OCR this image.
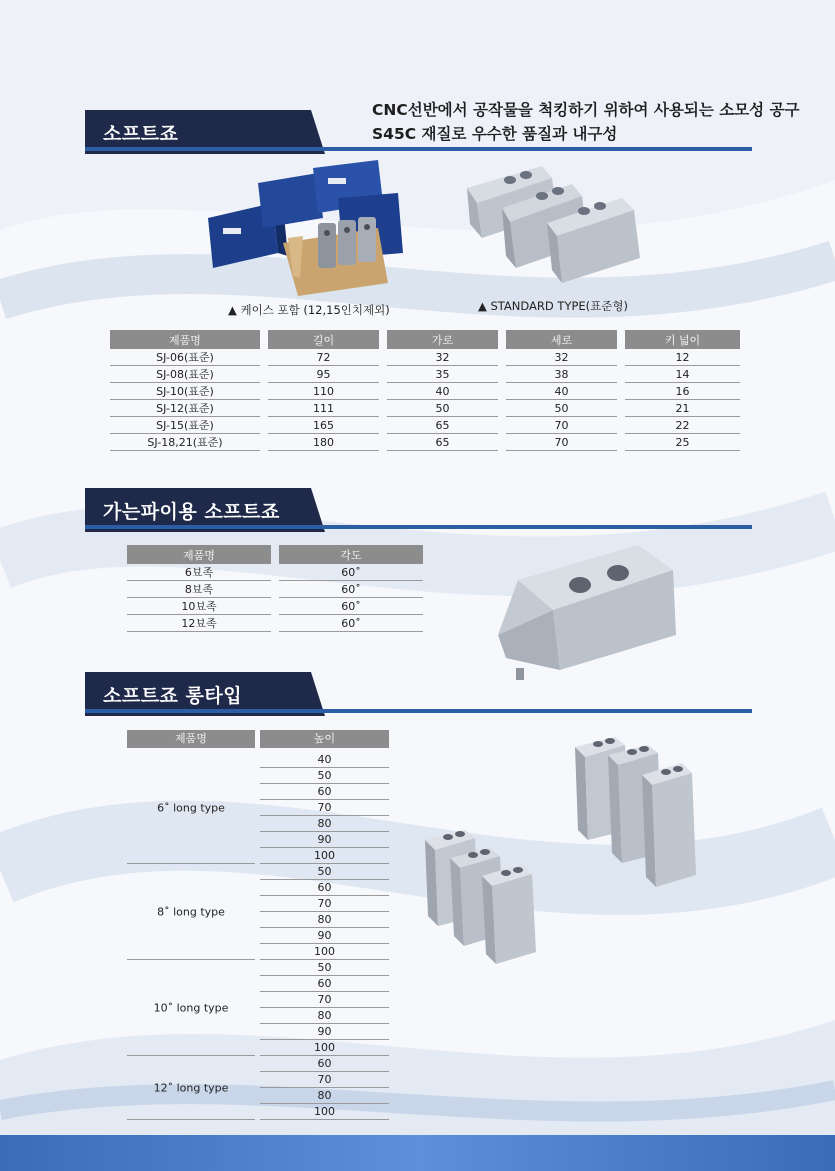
소프트죠
CNC선반에서 공작물을 척킹하기 위하여 사용되는 소모성 공구
S45C 재질로 우수한 품질과 내구성
▲ 케이스 포함 (12,15인치제외)	▲ STANDARD TYPE(표준형)
제품명		길이		가로		세로		키 넓이
SJ-06(표준)		72		32		32		12
SJ-08(표준)		95		35		38		14
SJ-10(표준)		110		40		40		16
SJ-12(표준)		111		50		50		21
SJ-15(표준)		165		65		70		22
SJ-18,21(표준)		180		65		70		25
가는파이용 소프트죠
제품명		각도
6뵤족		60˚
8뵤족		60˚
10뵤족		60˚
12뵤족		60˚
소프트죠 롱타입
제품명	높이
6˚ long type
40
50
60
70
80
90
100
8˚ long type
50
60
70
80
90
100
10˚ long type
50
60
70
80
90
100
12˚ long type
60
70
80
100
